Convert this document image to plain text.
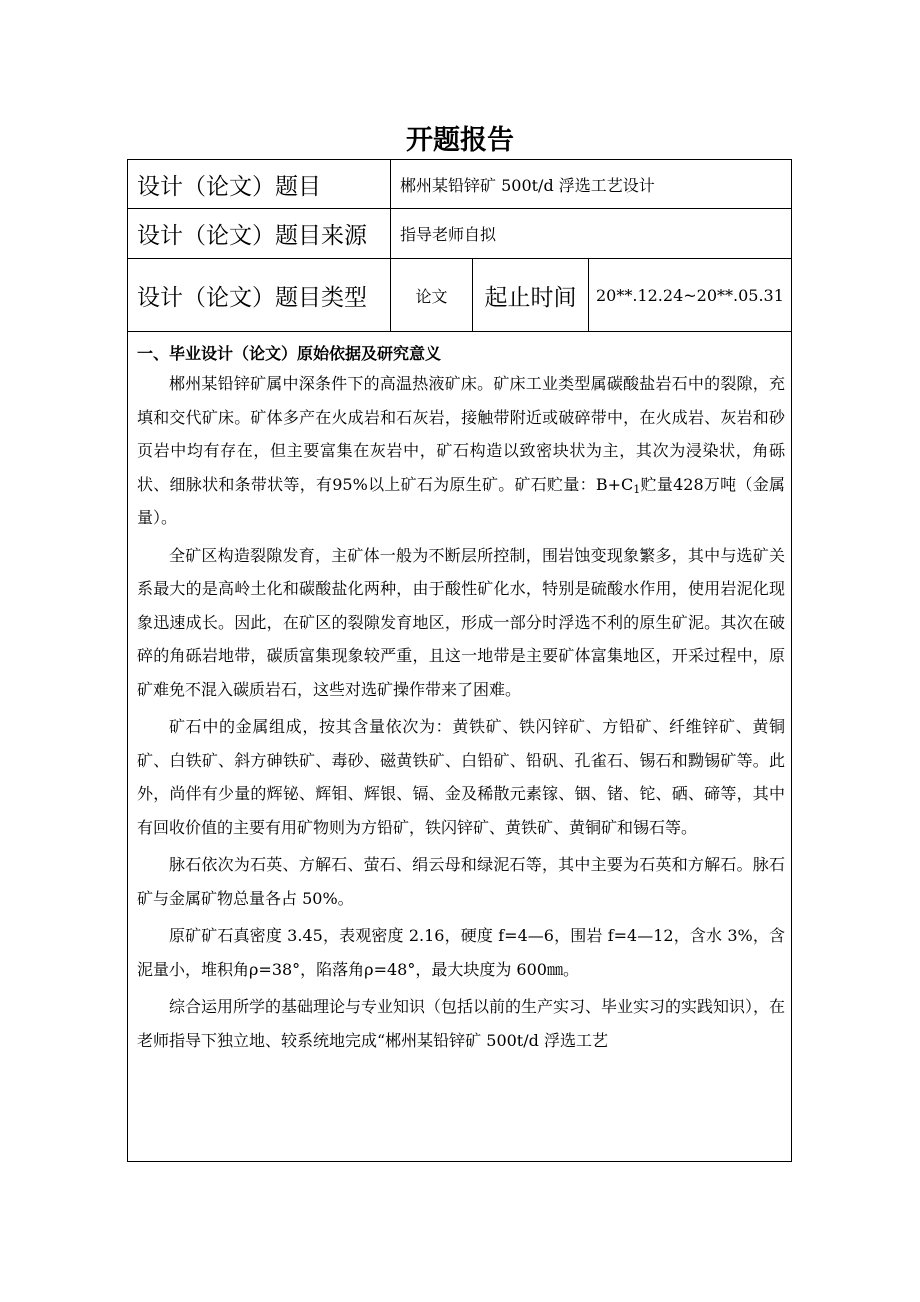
开题报告
设计（论文）题目	郴州某铅锌矿 500t/d 浮选工艺设计
设计（论文）题目来源 指导老师自拟
设计（论文）题目类型	论文	起止时间	20**.12.24~20**.05.31
一、毕业设计（论文）原始依据及研究意义

郴州某铅锌矿属中深条件下的高温热液矿床。矿床工业类型属碳酸盐岩石中的裂隙，充填和交代矿床。矿体多产在火成岩和石灰岩，接触带附近或破碎带中，在火成岩、灰岩和砂页岩中均有存在，但主要富集在灰岩中，矿石构造以致密块状为主，其次为浸染状，角砾状、细脉状和条带状等，有95%以上矿石为原生矿。矿石贮量：$B+C_1$贮量428万吨（金属量）。

全矿区构造裂隙发育，主矿体一般为不断层所控制，围岩蚀变现象繁多，其中与选矿关系最大的是高岭土化和碳酸盐化两种，由于酸性矿化水，特别是硫酸水作用，使用岩泥化现象迅速成长。因此，在矿区的裂隙发育地区，形成一部分时浮选不利的原生矿泥。其次在破碎的角砾岩地带，碳质富集现象较严重，且这一地带是主要矿体富集地区，开采过程中，原矿难免不混入碳质岩石，这些对选矿操作带来了困难。

矿石中的金属组成，按其含量依次为：黄铁矿、铁闪锌矿、方铅矿、纤维锌矿、黄铜矿、白铁矿、斜方砷铁矿、毒砂、磁黄铁矿、白铅矿、铅矾、孔雀石、锡石和黝锡矿等。此外，尚伴有少量的辉铋、辉钼、辉银、镉、金及稀散元素镓、铟、锗、铊、硒、碲等，其中有回收价值的主要有用矿物则为方铅矿，铁闪锌矿、黄铁矿、黄铜矿和锡石等。

脉石依次为石英、方解石、萤石、绢云母和绿泥石等，其中主要为石英和方解石。脉石矿与金属矿物总量各占 50%。

原矿矿石真密度 3.45，表观密度 2.16，硬度 f=4—6，围岩 f=4—12，含水 3%，含泥量小，堆积角ρ=38°，陷落角ρ=48°，最大块度为 600㎜。

综合运用所学的基础理论与专业知识（包括以前的生产实习、毕业实习的实践知识），在老师指导下独立地、较系统地完成“郴州某铅锌矿 500t/d 浮选工艺
